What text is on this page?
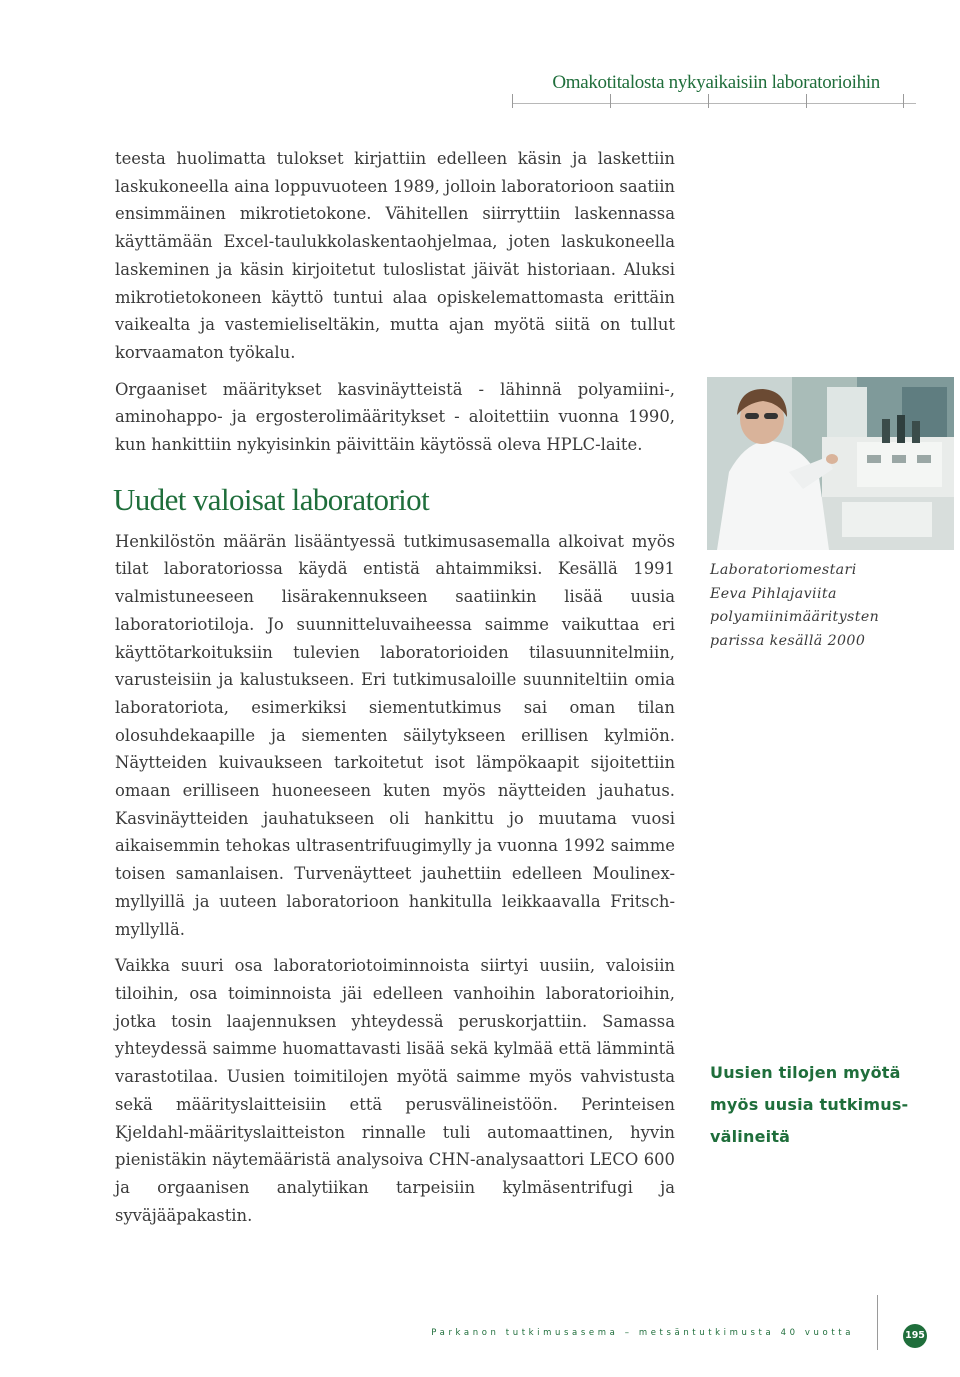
Omakotitalosta nykyaikaisiin laboratorioihin

teesta huolimatta tulokset kirjattiin edelleen käsin ja laskettiin laskukoneella aina loppuvuoteen 1989, jolloin laboratorioon saatiin ensimmäinen mikrotietokone. Vähitellen siirryttiin laskennassa käyttämään Excel-taulukkolaskentaohjelmaa, joten laskukoneella laskeminen ja käsin kirjoitetut tuloslistat jäivät historiaan. Aluksi mikrotietokoneen käyttö tuntui alaa opiskelemattomasta erittäin vaikealta ja vastemieliseltäkin, mutta ajan myötä siitä on tullut korvaamaton työkalu.

Orgaaniset määritykset kasvinäytteistä - lähinnä polyamiini-, aminohappo- ja ergosterolimääritykset - aloitettiin vuonna 1990, kun hankittiin nykyisinkin päivittäin käytössä oleva HPLC-laite.

Uudet valoisat laboratoriot

Henkilöstön määrän lisääntyessä tutkimusasemalla alkoivat myös tilat laboratoriossa käydä entistä ahtaimmiksi. Kesällä 1991 valmistuneeseen lisärakennukseen saatiinkin lisää uusia laboratoriotiloja. Jo suunnitteluvaiheessa saimme vaikuttaa eri käyttötarkoituksiin tulevien laboratorioiden tilasuunnitelmiin, varusteisiin ja kalustukseen. Eri tutkimusaloille suunniteltiin omia laboratoriota, esimerkiksi siementutkimus sai oman tilan olosuhdekaapille ja siementen säilytykseen erillisen kylmiön. Näytteiden kuivaukseen tarkoitetut isot lämpökaapit sijoitettiin omaan erilliseen huoneeseen kuten myös näytteiden jauhatus. Kasvinäytteiden jauhatukseen oli hankittu jo muutama vuosi aikaisemmin tehokas ultrasentrifuugimylly ja vuonna 1992 saimme toisen samanlaisen. Turvenäytteet jauhettiin edelleen Moulinex-myllyillä ja uuteen laboratorioon hankitulla leikkaavalla Fritsch-myllyllä.

Vaikka suuri osa laboratoriotoiminnoista siirtyi uusiin, valoisiin tiloihin, osa toiminnoista jäi edelleen vanhoihin laboratorioihin, jotka tosin laajennuksen yhteydessä peruskorjattiin. Samassa yhteydessä saimme huomattavasti lisää sekä kylmää että lämmintä varastotilaa. Uusien toimitilojen myötä saimme myös vahvistusta sekä määrityslaitteisiin että perusvälineistöön. Perinteisen Kjeldahl-määrityslaitteiston rinnalle tuli automaattinen, hyvin pienistäkin näytemääristä analysoiva CHN-analysaattori LECO 600 ja orgaanisen analytiikan tarpeisiin kylmäsentrifugi ja syväjääpakastin.

Laboratoriomestari
Eeva Pihlajaviita
polyamiinimääritysten
parissa kesällä 2000
Uusien tilojen myötä
myös uusia tutkimus-
välineitä
Parkanon tutkimusasema – metsäntutkimusta 40 vuotta	195
